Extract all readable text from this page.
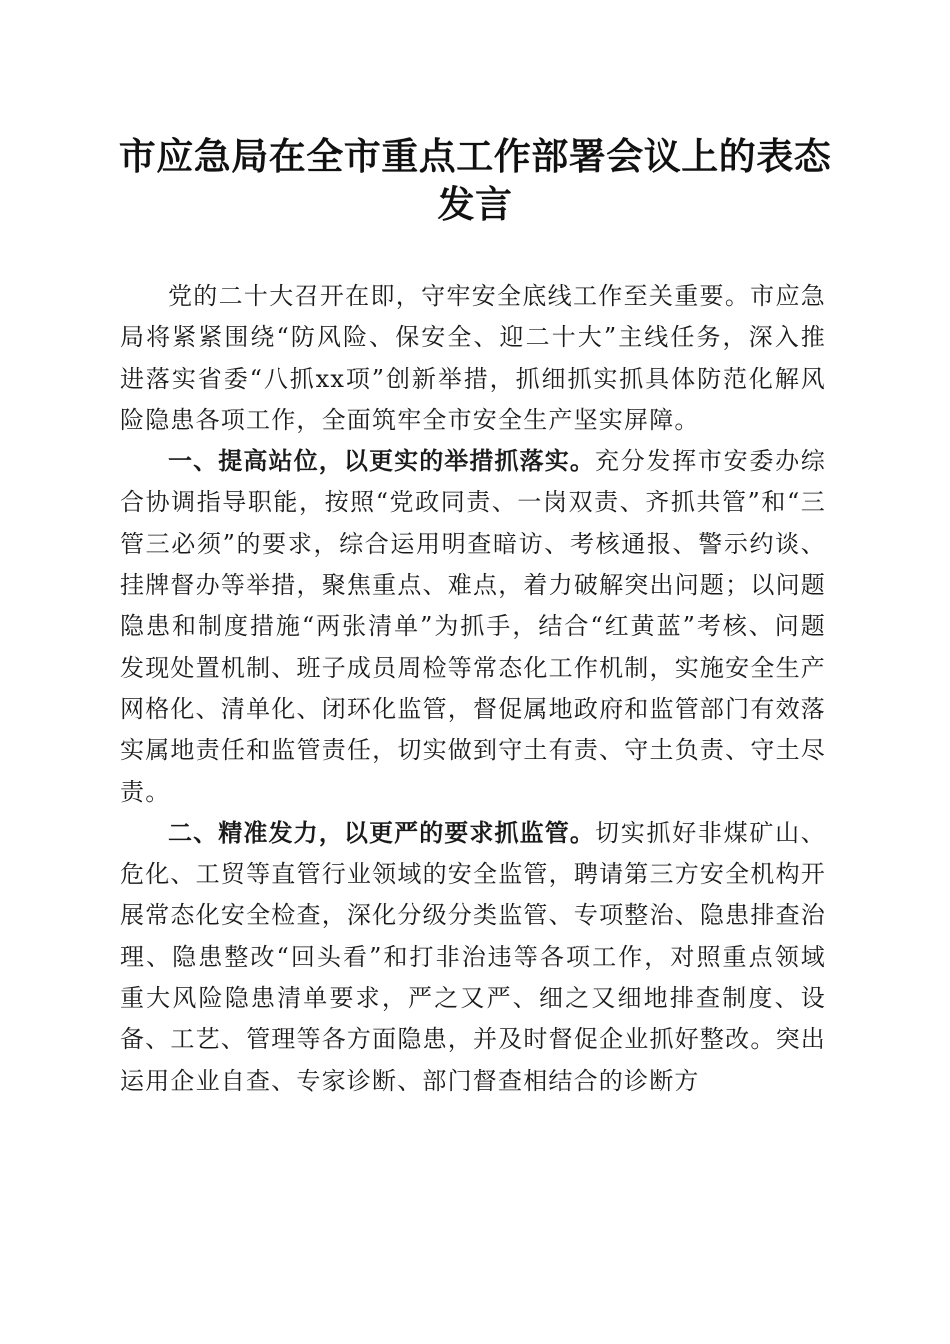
市应急局在全市重点工作部署会议上的表态发言

党的二十大召开在即，守牢安全底线工作至关重要。市应急局将紧紧围绕“防风险、保安全、迎二十大”主线任务，深入推进落实省委“八抓xx项”创新举措，抓细抓实抓具体防范化解风险隐患各项工作，全面筑牢全市安全生产坚实屏障。

一、提高站位，以更实的举措抓落实。充分发挥市安委办综合协调指导职能，按照“党政同责、一岗双责、齐抓共管”和“三管三必须”的要求，综合运用明查暗访、考核通报、警示约谈、挂牌督办等举措，聚焦重点、难点，着力破解突出问题；以问题隐患和制度措施“两张清单”为抓手，结合“红黄蓝”考核、问题发现处置机制、班子成员周检等常态化工作机制，实施安全生产网格化、清单化、闭环化监管，督促属地政府和监管部门有效落实属地责任和监管责任，切实做到守土有责、守土负责、守土尽责。

二、精准发力，以更严的要求抓监管。切实抓好非煤矿山、危化、工贸等直管行业领域的安全监管，聘请第三方安全机构开展常态化安全检查，深化分级分类监管、专项整治、隐患排查治理、隐患整改“回头看”和打非治违等各项工作，对照重点领域重大风险隐患清单要求，严之又严、细之又细地排查制度、设备、工艺、管理等各方面隐患，并及时督促企业抓好整改。突出运用企业自查、专家诊断、部门督查相结合的诊断方
